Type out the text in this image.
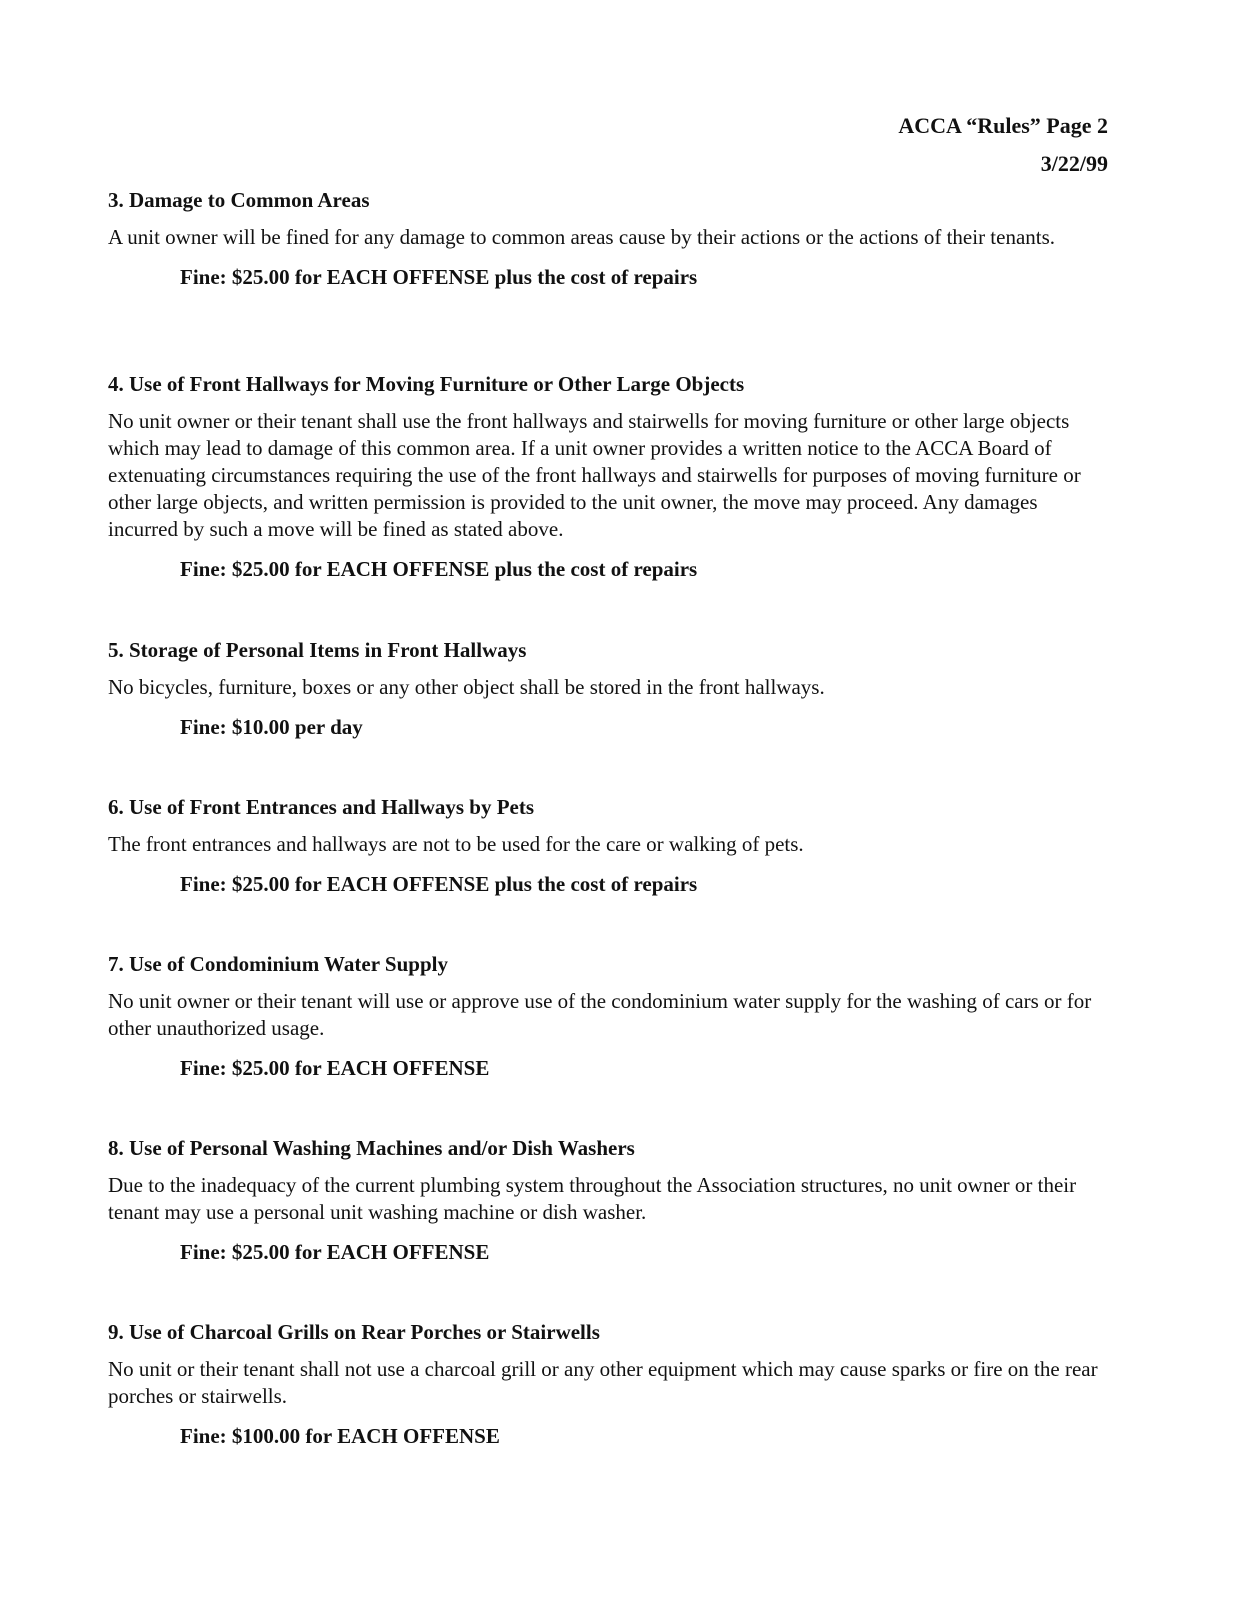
ACCA “Rules” Page 2
3/22/99

3. Damage to Common Areas

A unit owner will be fined for any damage to common areas cause by their actions or the actions of their tenants.

Fine: $25.00 for EACH OFFENSE plus the cost of repairs

4. Use of Front Hallways for Moving Furniture or Other Large Objects

No unit owner or their tenant shall use the front hallways and stairwells for moving furniture or other large objects which may lead to damage of this common area. If a unit owner provides a written notice to the ACCA Board of extenuating circumstances requiring the use of the front hallways and stairwells for purposes of moving furniture or other large objects, and written permission is provided to the unit owner, the move may proceed. Any damages incurred by such a move will be fined as stated above.

Fine: $25.00 for EACH OFFENSE plus the cost of repairs

5. Storage of Personal Items in Front Hallways

No bicycles, furniture, boxes or any other object shall be stored in the front hallways.

Fine: $10.00 per day

6. Use of Front Entrances and Hallways by Pets

The front entrances and hallways are not to be used for the care or walking of pets.

Fine: $25.00 for EACH OFFENSE plus the cost of repairs

7. Use of Condominium Water Supply

No unit owner or their tenant will use or approve use of the condominium water supply for the washing of cars or for other unauthorized usage.

Fine: $25.00 for EACH OFFENSE

8. Use of Personal Washing Machines and/or Dish Washers

Due to the inadequacy of the current plumbing system throughout the Association structures, no unit owner or their tenant may use a personal unit washing machine or dish washer.

Fine: $25.00 for EACH OFFENSE

9. Use of Charcoal Grills on Rear Porches or Stairwells

No unit or their tenant shall not use a charcoal grill or any other equipment which may cause sparks or fire on the rear porches or stairwells.

Fine: $100.00 for EACH OFFENSE
